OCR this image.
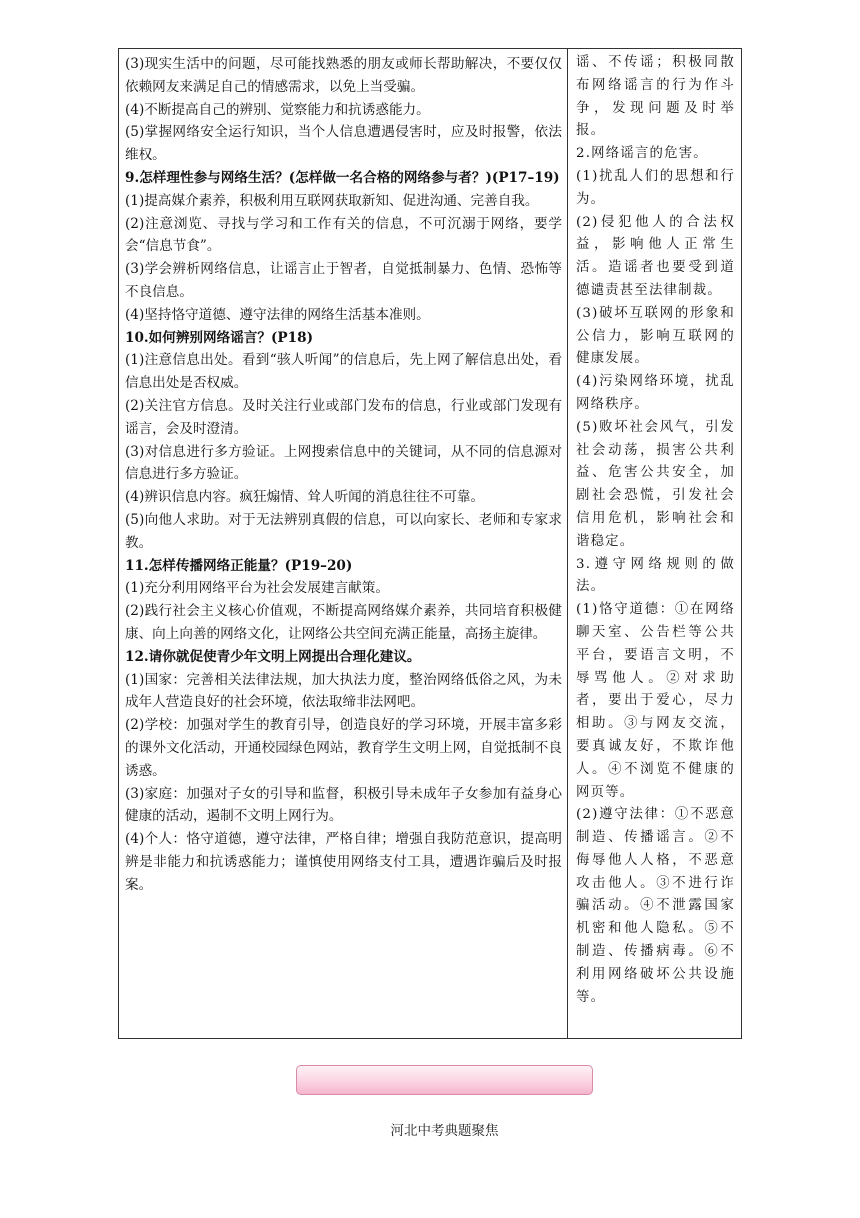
(3)现实生活中的问题，尽可能找熟悉的朋友或师长帮助解决，不要仅仅依赖网友来满足自己的情感需求，以免上当受骗。

(4)不断提高自己的辨别、觉察能力和抗诱惑能力。

(5)掌握网络安全运行知识，当个人信息遭遇侵害时，应及时报警，依法维权。

9.怎样理性参与网络生活？(怎样做一名合格的网络参与者？)(P17–19)

(1)提高媒介素养，积极利用互联网获取新知、促进沟通、完善自我。

(2)注意浏览、寻找与学习和工作有关的信息，不可沉溺于网络，要学会“信息节食”。

(3)学会辨析网络信息，让谣言止于智者，自觉抵制暴力、色情、恐怖等不良信息。

(4)坚持恪守道德、遵守法律的网络生活基本准则。

10.如何辨别网络谣言？(P18)

(1)注意信息出处。看到“骇人听闻”的信息后，先上网了解信息出处，看信息出处是否权威。

(2)关注官方信息。及时关注行业或部门发布的信息，行业或部门发现有谣言，会及时澄清。

(3)对信息进行多方验证。上网搜索信息中的关键词，从不同的信息源对信息进行多方验证。

(4)辨识信息内容。疯狂煽情、耸人听闻的消息往往不可靠。

(5)向他人求助。对于无法辨别真假的信息，可以向家长、老师和专家求教。

11.怎样传播网络正能量？(P19–20)

(1)充分利用网络平台为社会发展建言献策。

(2)践行社会主义核心价值观，不断提高网络媒介素养，共同培育积极健康、向上向善的网络文化，让网络公共空间充满正能量，高扬主旋律。

12.请你就促使青少年文明上网提出合理化建议。

(1)国家：完善相关法律法规，加大执法力度，整治网络低俗之风，为未成年人营造良好的社会环境，依法取缔非法网吧。

(2)学校：加强对学生的教育引导，创造良好的学习环境，开展丰富多彩的课外文化活动，开通校园绿色网站，教育学生文明上网，自觉抵制不良诱惑。

(3)家庭：加强对子女的引导和监督，积极引导未成年子女参加有益身心健康的活动，遏制不文明上网行为。

(4)个人：恪守道德，遵守法律，严格自律；增强自我防范意识，提高明辨是非能力和抗诱惑能力；谨慎使用网络支付工具，遭遇诈骗后及时报案。

谣、不传谣；积极同散布网络谣言的行为作斗争，发现问题及时举报。

2.网络谣言的危害。

(1)扰乱人们的思想和行为。

(2)侵犯他人的合法权益，影响他人正常生活。造谣者也要受到道德谴责甚至法律制裁。

(3)破坏互联网的形象和公信力，影响互联网的健康发展。

(4)污染网络环境，扰乱网络秩序。

(5)败坏社会风气，引发社会动荡，损害公共利益、危害公共安全，加剧社会恐慌，引发社会信用危机，影响社会和谐稳定。

3.遵守网络规则的做法。

(1)恪守道德：①在网络聊天室、公告栏等公共平台，要语言文明，不辱骂他人。②对求助者，要出于爱心，尽力相助。③与网友交流，要真诚友好，不欺诈他人。④不浏览不健康的网页等。

(2)遵守法律：①不恶意制造、传播谣言。②不侮辱他人人格，不恶意攻击他人。③不进行诈骗活动。④不泄露国家机密和他人隐私。⑤不制造、传播病毒。⑥不利用网络破坏公共设施等。

河北中考典题聚焦
